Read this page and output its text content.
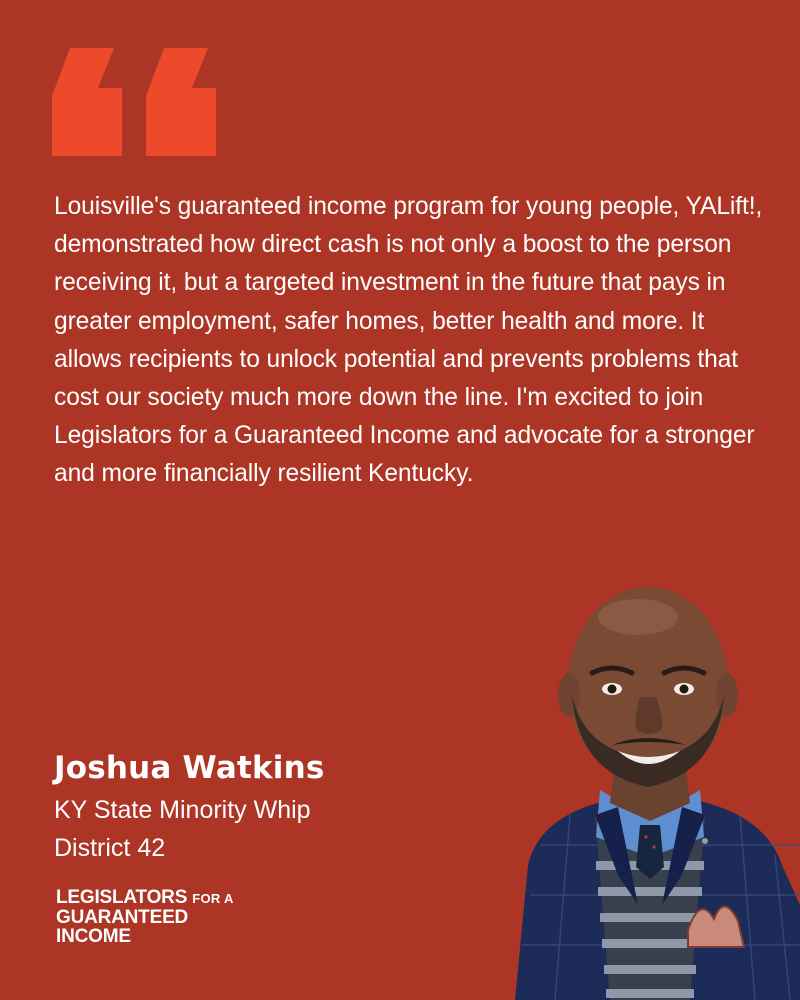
Louisville's guaranteed income program for young people, YALift!, demonstrated how direct cash is not only a boost to the person receiving it, but a targeted investment in the future that pays in greater employment, safer homes, better health and more. It allows recipients to unlock potential and prevents problems that cost our society much more down the line. I'm excited to join Legislators for a Guaranteed Income and advocate for a stronger and more financially resilient Kentucky.

Joshua Watkins
KY State Minority Whip
District 42
LEGISLATORS FOR A
GUARANTEED
INCOME
